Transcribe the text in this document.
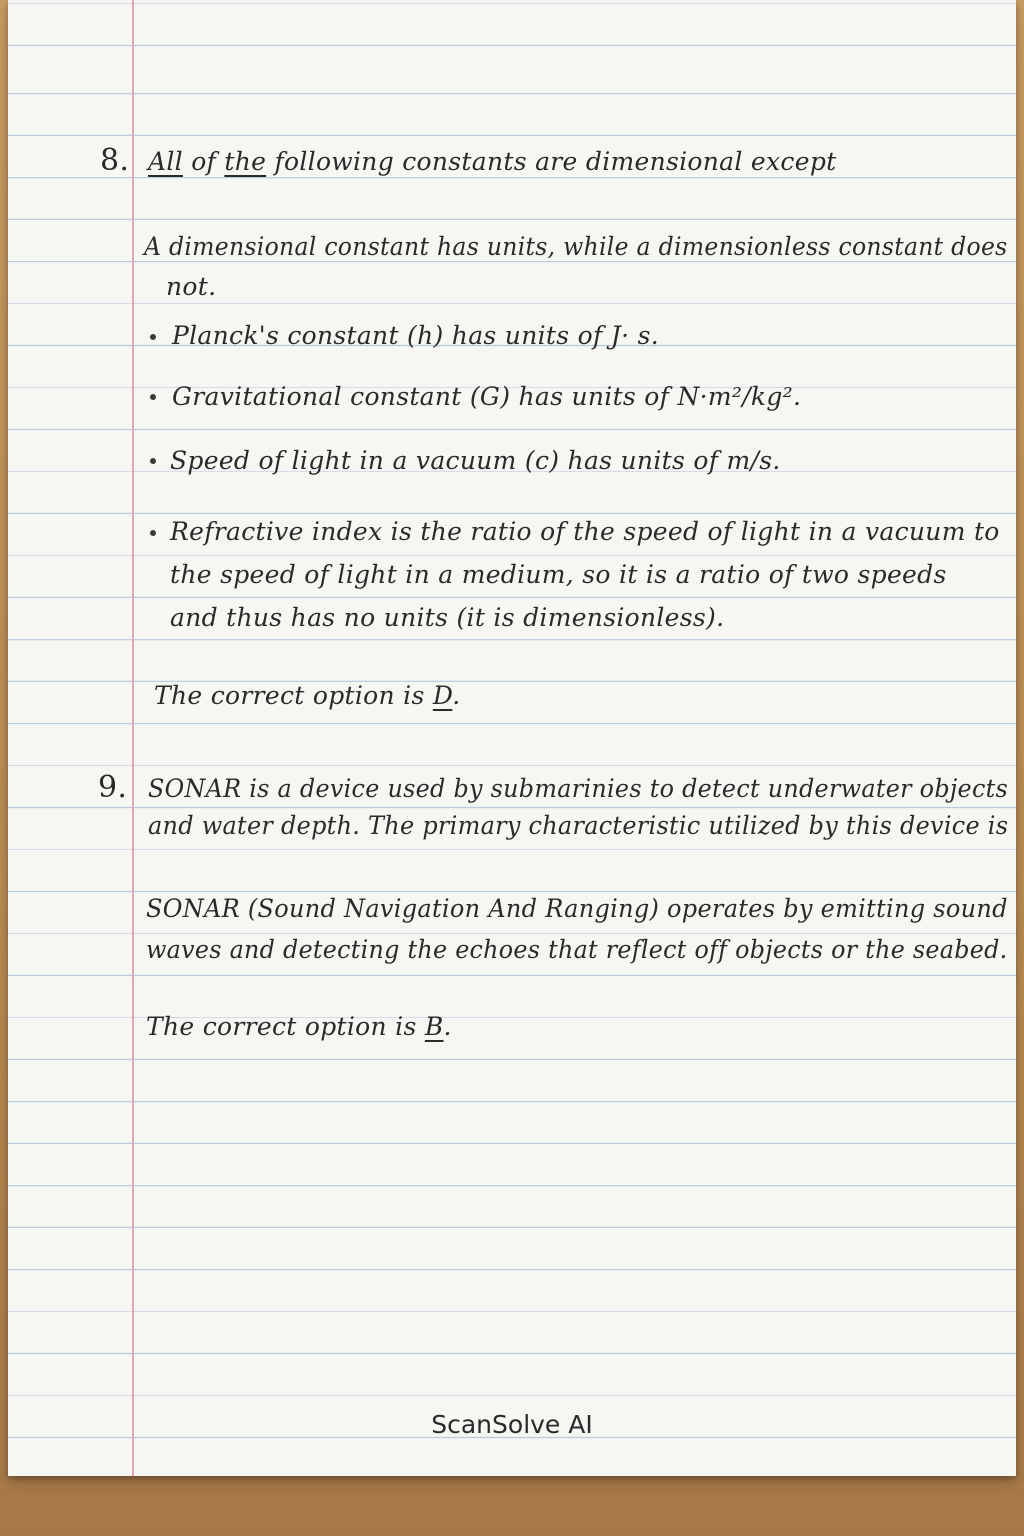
8. All of the following constants are dimensional except
A dimensional constant has units, while a dimensionless constant does
not.
Planck's constant (h) has units of J· s.
Gravitational constant (G) has units of N·m²/kg².
Speed of light in a vacuum (c) has units of m/s.
Refractive index is the ratio of the speed of light in a vacuum to
the speed of light in a medium, so it is a ratio of two speeds
and thus has no units (it is dimensionless).
The correct option is D.
9. SONAR is a device used by submarinies to detect underwater objects
and water depth. The primary characteristic utilized by this device is
SONAR (Sound Navigation And Ranging) operates by emitting sound
waves and detecting the echoes that reflect off objects or the seabed.
The correct option is B.
ScanSolve AI
